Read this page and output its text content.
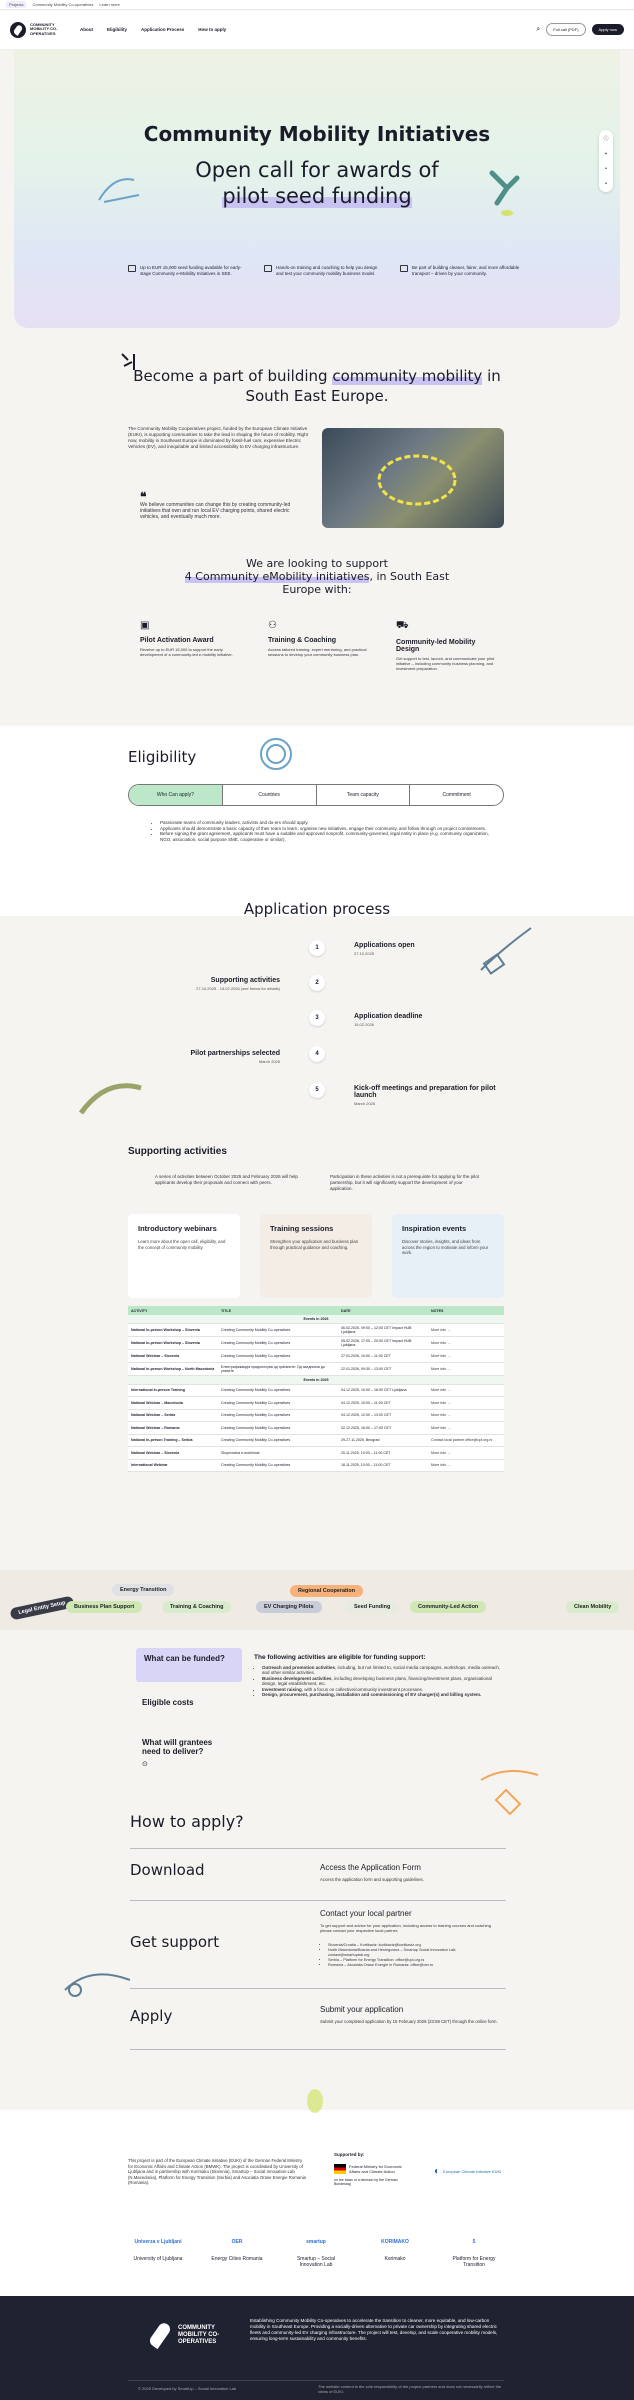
Projects	Community Mobility Co-operatives Learn more
COMMUNITY MOBILITY CO-OPERATIVES
About	Eligibility	Application Process	How to apply	⌕	Full call (PDF)	Apply now
Community Mobility Initiatives
Open call for awards of
pilot seed funding
Up to EUR 15,000 seed funding available for early-stage Community e-Mobility Initiatives in SEE.
Hands-on training and coaching to help you design and test your community mobility business model.
Be part of building cleaner, fairer, and more affordable transport – driven by your community.
ⓘ
+
•
•
Become a part of building community mobility in
South East Europe.
The Community Mobility Cooperatives project, funded by the European Climate Initiative (EUKI), is supporting communities to take the lead in shaping the future of mobility. Right now, mobility in Southeast Europe is dominated by fossil-fuel cars, expensive Electric Vehicles (EV), and inequitable and limited accessibility to EV charging infrastructure.
❝
We believe communities can change this by creating community-led initiatives that own and run local EV charging points, shared electric vehicles, and eventually much more.
We are looking to support
4 Community eMobility initiatives, in South East
Europe with:
▣
Pilot Activation Award
Receive up to EUR 15,000 to support the early development of a community-led e-mobility initiative.
⚇
Training & Coaching
Access tailored training, expert mentoring, and practical sessions to develop your community business plan.
⛟
Community-led Mobility Design
Get support to test, launch, and communicate your pilot initiative – including community business planning, and investment preparation.
Eligibility
Who Can apply?	Countries	Team capacity	Commitment
• Passionate teams of community leaders, activists and do-ers should apply.
• Applicants should demonstrate a basic capacity of their team to learn, organise new initiatives, engage their community, and follow through on project commitments.
• Before signing the grant agreement, applicants must have a suitable and approved nonprofit, community-governed, legal entity in place (e.g. community organization, NGO, association, social purpose SME, cooperative or similar).
Application process
1
2
3
4
5
Applications open
27.10.2025
Supporting activities
27.10.2025 - 15.02.2026 (see below for details)
Application deadline
15.02.2026
Pilot partnerships selected
March 2026
Kick-off meetings and preparation for pilot launch
March 2026
Supporting activities
A series of activities between October 2025 and February 2026 will help applicants develop their proposals and connect with peers.
Participation in these activities is not a prerequisite for applying for the pilot partnership, but it will significantly support the development of your application.
Introductory webinars
Learn more about the open call, eligibility, and the concept of community mobility.
Training sessions
Strengthen your application and business plan through practical guidance and coaching.
Inspiration events
Discover stories, insights, and ideas from across the region to motivate and inform your work.
ACTIVITY	TITLE	DATE	NOTES
Events in 2026			
National In-person Workshop – Slovenia	Creating Community Mobility Co-operatives	06.02.2026, 09:00 – 12:00 CET Impact HUB Ljubljana	More info →
National In-person Workshop – Slovenia	Creating Community Mobility Co-operatives	05.02.2026, 17:00 – 20:00 CET Impact HUB Ljubljana	More info →
National Webinar – Slovenia	Creating Community Mobility Co-operatives	27.01.2026, 10:00 – 11:00 CET	More info →
National In-person Workshop – North Macedonia	Електрификација придонесува од граѓаните: Од заеднички до упатите	22.01.2026, 09:30 – 13:00 CET	More info →
Events in 2025			
International In-person Training	Creating Community Mobility Co-operatives	04.12.2025, 10:00 – 16:00 CET Ljubljana	More info →
National Webinar – Macedonia	Creating Community Mobility Co-operatives	04.12.2025, 10:00 – 11:00 CET	More info →
National Webinar – Serbia	Creating Community Mobility Co-operatives	04.12.2025, 12:00 – 13:00 CET	More info →
National Webinar – Romania	Creating Community Mobility Co-operatives	02.12.2025, 16:00 – 17:00 CET	More info →
National In-person Training – Serbia	Creating Community Mobility Co-operatives	29-27.11.2025, Beograd	Contact local partner office@upl.org.rs
National Webinar – Slovenia	Skupnostna e-mobilnost	20.11.2025, 10:00 – 11:00 CET	More info →
International Webinar	Creating Community Mobility Co-operatives	18.11.2025, 10:00 – 11:00 CET	More info →
Legal Entity Setup
Energy Transition	Regional Cooperation
Business Plan Support	Training & Coaching	EV Charging Pilots	Seed Funding	Community-Led Action	Clean Mobility
What can be funded?
Eligible costs
What will grantees need to deliver?
⊙
The following activities are eligible for funding support:
• Outreach and promotion activities, including, but not limited to, social media campaigns, workshops, media outreach, and other similar activities.
• Business development activities, including developing business plans, financing/investment plans, organisational design, legal establishment, etc.
• Investment raising, with a focus on collective/community investment processes.
• Design, procurement, purchasing, installation and commissioning of EV charger(s) and billing system.
How to apply?
Download	Access the Application Form
Access the application form and supporting guidelines.
Get support
Contact your local partner
To get support and advice for your application, including access to training courses and coaching please contact your respective local partner:
• Slovenia/Croatia – Kortikaviz: kortikaviz@kortikaviz.org
• North Macedonia/Bosnia and Herzegovina – Smartup Social Innovation Lab: contact@smartuplab.org
• Serbia – Platform for Energy Transition: office@upl.org.rs
• Romania – Asociatia Orase Energie in Romania: office@oer.ro
Apply	Submit your application
Submit your completed application by 15 February 2026 (23:59 CET) through the online form.
This project is part of the European Climate Initiative (EUKI) of the German Federal Ministry for Economic Affairs and Climate Action (BMWK). The project is coordinated by University of Ljubljana and in partnership with Korimako (Slovenia), SmartUp – Social Innovation Lab (N.Macedonia), Platform for Energy Transition (Serbia) and Asociatia Orase Energie Romania (Romania).
Supported by:
Federal Ministry for Economic Affairs and Climate Action
on the basis of a decision by the German Bundestag
◐ European Climate Initiative EUKI
Univerza v Ljubljani
University of Ljubljana
OER
Energy Cities Romania
smartup
Smartup – Social Innovation Lab
KORIMAKO
Korimako
5
Platform for Energy Transition
COMMUNITY MOBILITY CO-OPERATIVES
Establishing Community Mobility Co-operatives to accelerate the transition to cleaner, more equitable, and low-carbon mobility in Southeast Europe. Providing a socially-driven alternative to private car ownership by integrating shared electric fleets and community-led EV charging infrastructure. The project will test, develop, and scale cooperative mobility models, ensuring long-term sustainability and community benefits.
© 2025 Developed by SmartUp – Social Innovation Lab	The website content is the sole responsibility of the project partners and does not necessarily reflect the views of EUKI.
